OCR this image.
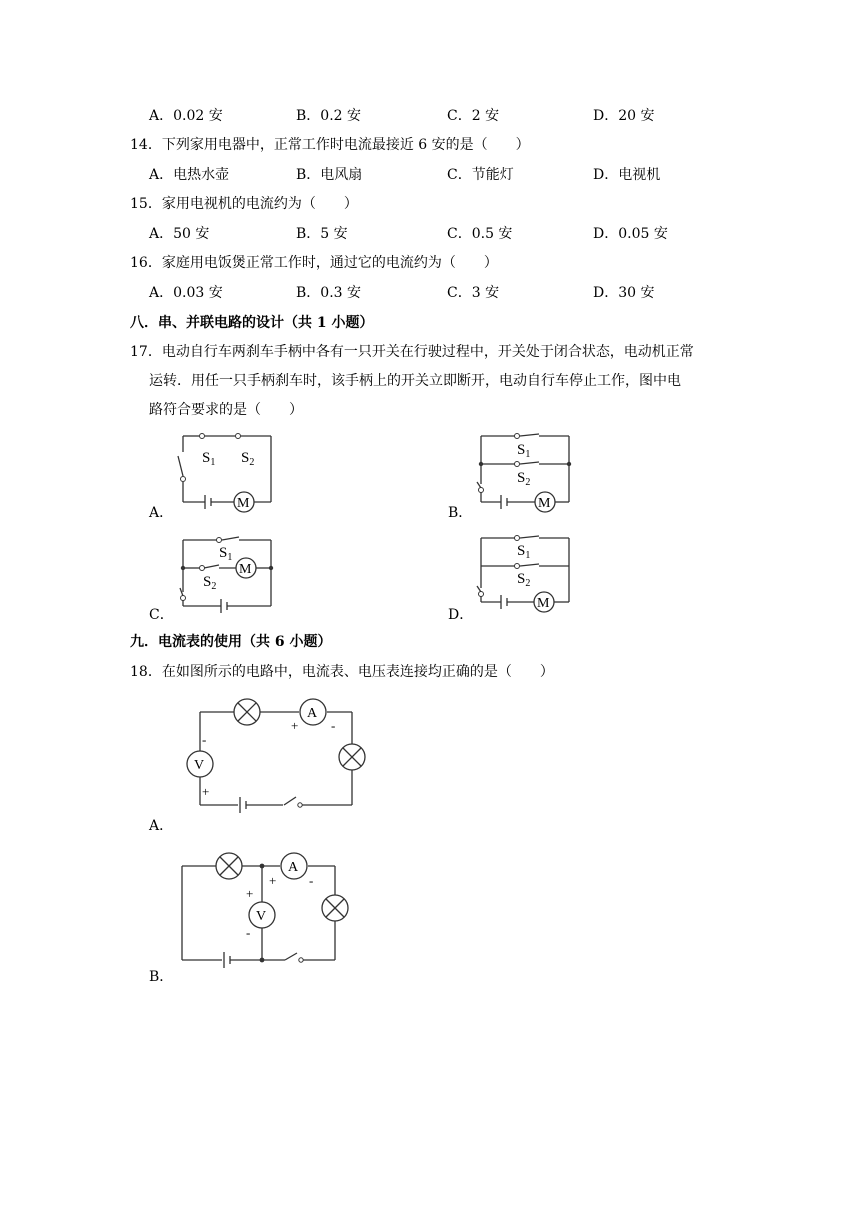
A．0.02 安	B．0.2 安	C．2 安	D．20 安
14．下列家用电器中，正常工作时电流最接近 6 安的是（　　）
A．电热水壶	B．电风扇	C．节能灯	D．电视机
15．家用电视机的电流约为（　　）
A．50 安	B．5 安	C．0.5 安	D．0.05 安
16．家庭用电饭煲正常工作时，通过它的电流约为（　　）
A．0.03 安	B．0.3 安	C．3 安	D．30 安
八．串、并联电路的设计（共 1 小题）
17．电动自行车两刹车手柄中各有一只开关在行驶过程中，开关处于闭合状态，电动机正常
运转．用任一只手柄刹车时，该手柄上的开关立即断开，电动自行车停止工作，图中电
路符合要求的是（　　）
A．
$S_1$ $S_2$
M
B．
$S_1$
$S_2$
M
C．
$S_1$
$S_2$
M
D．
$S_1$
$S_2$
M
九．电流表的使用（共 6 小题）
18．在如图所示的电路中，电流表、电压表连接均正确的是（　　）
A．
A
V
+	-
-
+
B．
A
V
+	-
+
-
